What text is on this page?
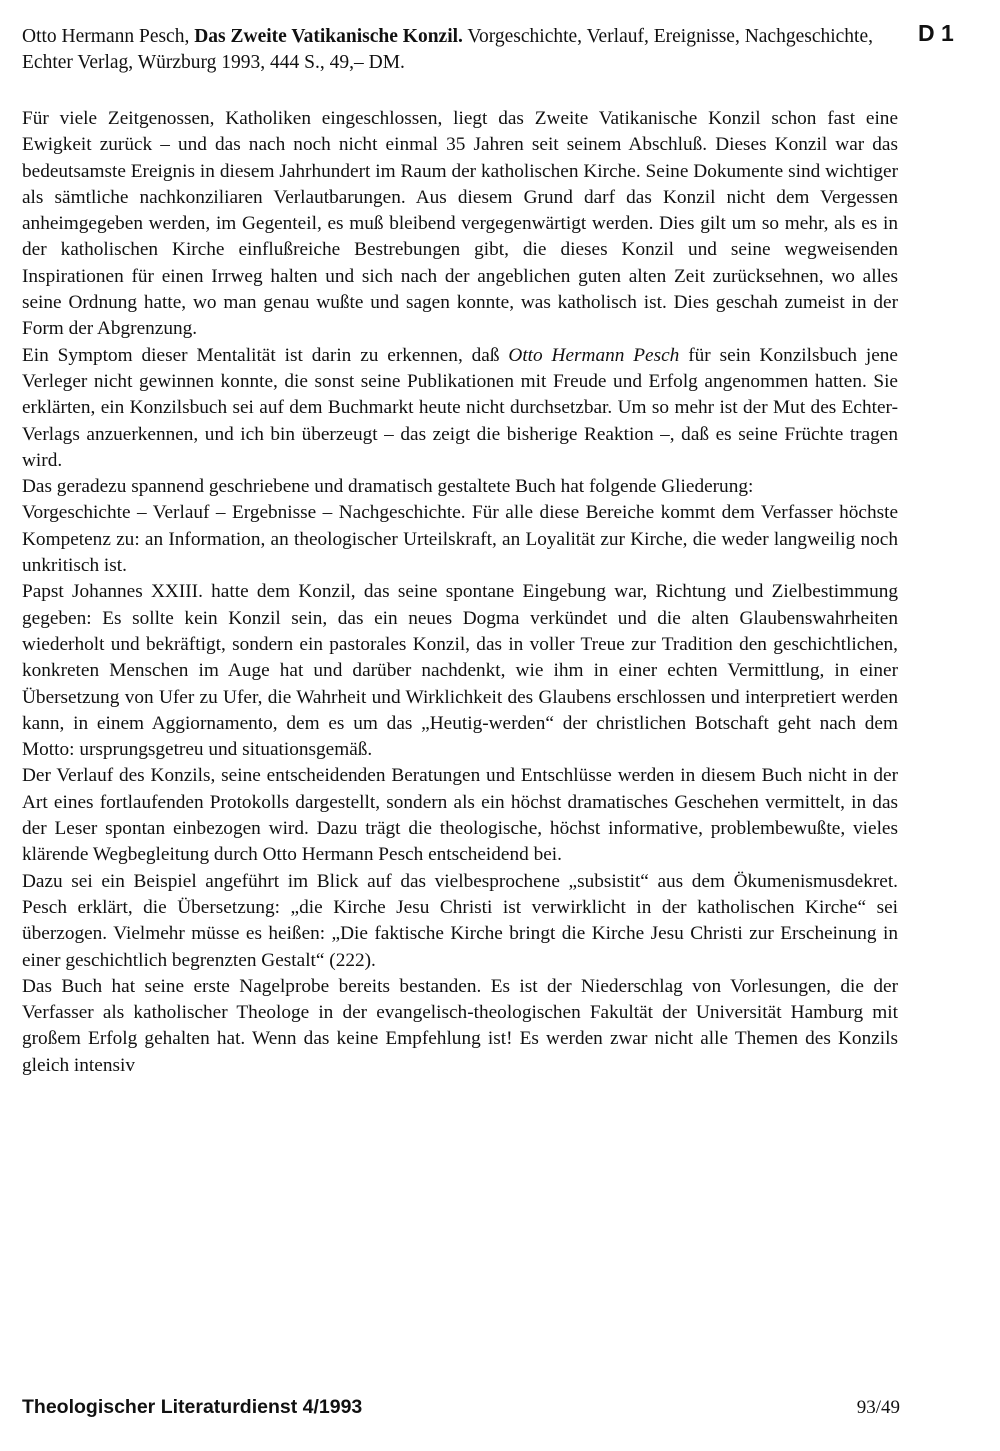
Otto Hermann Pesch, Das Zweite Vatikanische Konzil. Vorgeschichte, Verlauf, Ereignisse, Nachgeschichte, Echter Verlag, Würzburg 1993, 444 S., 49,– DM.
D 1

Für viele Zeitgenossen, Katholiken eingeschlossen, liegt das Zweite Vatikanische Konzil schon fast eine Ewigkeit zurück – und das nach noch nicht einmal 35 Jahren seit seinem Abschluß. Dieses Konzil war das bedeutsamste Ereignis in diesem Jahrhundert im Raum der katholischen Kirche. Seine Dokumente sind wichtiger als sämtliche nachkonziliaren Verlautbarungen. Aus diesem Grund darf das Konzil nicht dem Vergessen anheimgegeben werden, im Gegenteil, es muß bleibend vergegenwärtigt werden. Dies gilt um so mehr, als es in der katholischen Kirche einflußreiche Bestrebungen gibt, die dieses Konzil und seine wegweisenden Inspirationen für einen Irrweg halten und sich nach der angeblichen guten alten Zeit zurücksehnen, wo alles seine Ordnung hatte, wo man genau wußte und sagen konnte, was katholisch ist. Dies geschah zumeist in der Form der Abgrenzung.

Ein Symptom dieser Mentalität ist darin zu erkennen, daß Otto Hermann Pesch für sein Konzilsbuch jene Verleger nicht gewinnen konnte, die sonst seine Publikationen mit Freude und Erfolg angenommen hatten. Sie erklärten, ein Konzilsbuch sei auf dem Buchmarkt heute nicht durchsetzbar. Um so mehr ist der Mut des Echter-Verlags anzuerkennen, und ich bin überzeugt – das zeigt die bisherige Reaktion –, daß es seine Früchte tragen wird.

Das geradezu spannend geschriebene und dramatisch gestaltete Buch hat folgende Gliederung:

Vorgeschichte – Verlauf – Ergebnisse – Nachgeschichte. Für alle diese Bereiche kommt dem Verfasser höchste Kompetenz zu: an Information, an theologischer Urteilskraft, an Loyalität zur Kirche, die weder langweilig noch unkritisch ist.

Papst Johannes XXIII. hatte dem Konzil, das seine spontane Eingebung war, Richtung und Zielbestimmung gegeben: Es sollte kein Konzil sein, das ein neues Dogma verkündet und die alten Glaubenswahrheiten wiederholt und bekräftigt, sondern ein pastorales Konzil, das in voller Treue zur Tradition den geschichtlichen, konkreten Menschen im Auge hat und darüber nachdenkt, wie ihm in einer echten Vermittlung, in einer Übersetzung von Ufer zu Ufer, die Wahrheit und Wirklichkeit des Glaubens erschlossen und interpretiert werden kann, in einem Aggiornamento, dem es um das „Heutig-werden“ der christlichen Botschaft geht nach dem Motto: ursprungsgetreu und situationsgemäß.

Der Verlauf des Konzils, seine entscheidenden Beratungen und Entschlüsse werden in diesem Buch nicht in der Art eines fortlaufenden Protokolls dargestellt, sondern als ein höchst dramatisches Geschehen vermittelt, in das der Leser spontan einbezogen wird. Dazu trägt die theologische, höchst informative, problembewußte, vieles klärende Wegbegleitung durch Otto Hermann Pesch entscheidend bei.

Dazu sei ein Beispiel angeführt im Blick auf das vielbesprochene „subsistit“ aus dem Ökumenismusdekret. Pesch erklärt, die Übersetzung: „die Kirche Jesu Christi ist verwirklicht in der katholischen Kirche“ sei überzogen. Vielmehr müsse es heißen: „Die faktische Kirche bringt die Kirche Jesu Christi zur Erscheinung in einer geschichtlich begrenzten Gestalt“ (222).

Das Buch hat seine erste Nagelprobe bereits bestanden. Es ist der Niederschlag von Vorlesungen, die der Verfasser als katholischer Theologe in der evangelisch-theologischen Fakultät der Universität Hamburg mit großem Erfolg gehalten hat. Wenn das keine Empfehlung ist! Es werden zwar nicht alle Themen des Konzils gleich intensiv

Theologischer Literaturdienst 4/1993	93/49
